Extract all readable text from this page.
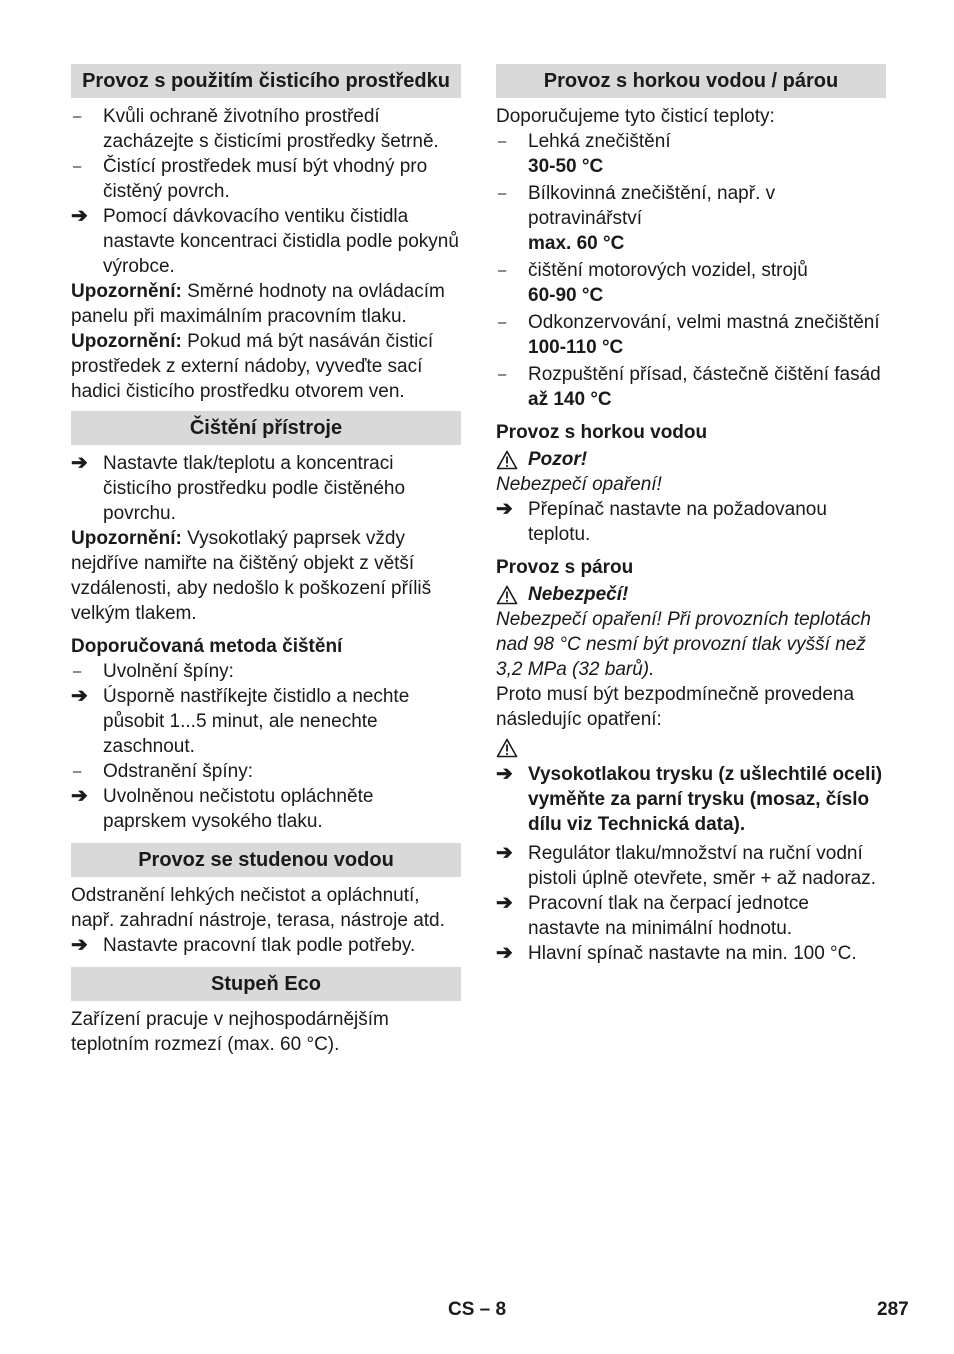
Provoz s použitím čisticího prostředku
–	Kvůli ochraně životního prostředí zacházejte s čisticími prostředky šetrně.
–	Čistící prostředek musí být vhodný pro čistěný povrch.
➔ Pomocí dávkovacího ventiku čistidla nastavte koncentraci čistidla podle pokynů výrobce.

Upozornění: Směrné hodnoty na ovládacím panelu při maximálním pracovním tlaku.

Upozornění: Pokud má být nasáván čisticí prostředek z externí nádoby, vyveďte sací hadici čisticího prostředku otvorem ven.

Čištění přístroje
➔ Nastavte tlak/teplotu a koncentraci čisticího prostředku podle čistěného povrchu.

Upozornění: Vysokotlaký paprsek vždy nejdříve namiřte na čištěný objekt z větší vzdálenosti, aby nedošlo k poškození příliš velkým tlakem.

Doporučovaná metoda čištění
–	Uvolnění špíny:
➔ Úsporně nastříkejte čistidlo a nechte působit 1...5 minut, ale nenechte zaschnout.
–	Odstranění špíny:
➔ Uvolněnou nečistotu opláchněte paprskem vysokého tlaku.
Provoz se studenou vodou

Odstranění lehkých nečistot a opláchnutí, např. zahradní nástroje, terasa, nástroje atd.

➔ Nastavte pracovní tlak podle potřeby.
Stupeň Eco

Zařízení pracuje v nejhospodárnějším teplotním rozmezí (max. 60 °C).

Provoz s horkou vodou / párou

Doporučujeme tyto čisticí teploty:

–	Lehká znečištění
30-50 °C
–	Bílkovinná znečištění, např. v potravinářství
max. 60 °C
–	čištění motorových vozidel, strojů
60-90 °C
–	Odkonzervování, velmi mastná znečištění
100-110 °C
–	Rozpuštění přísad, částečně čištění fasád
až 140 °C
Provoz s horkou vodou
Pozor!

Nebezpečí opaření!

➔ Přepínač nastavte na požadovanou teplotu.
Provoz s párou
Nebezpečí!

Nebezpečí opaření! Při provozních teplotách nad 98 °C nesmí být provozní tlak vyšší než 3,2 MPa (32 barů).

Proto musí být bezpodmínečně provedena následujíc opatření:

➔ Vysokotlakou trysku (z ušlechtilé oceli) vyměňte za parní trysku (mosaz, číslo dílu viz Technická data).
➔ Regulátor tlaku/množství na ruční vodní pistoli úplně otevřete, směr + až nadoraz.
➔ Pracovní tlak na čerpací jednotce nastavte na minimální hodnotu.
➔ Hlavní spínač nastavte na min. 100 °C.
CS – 8	287
